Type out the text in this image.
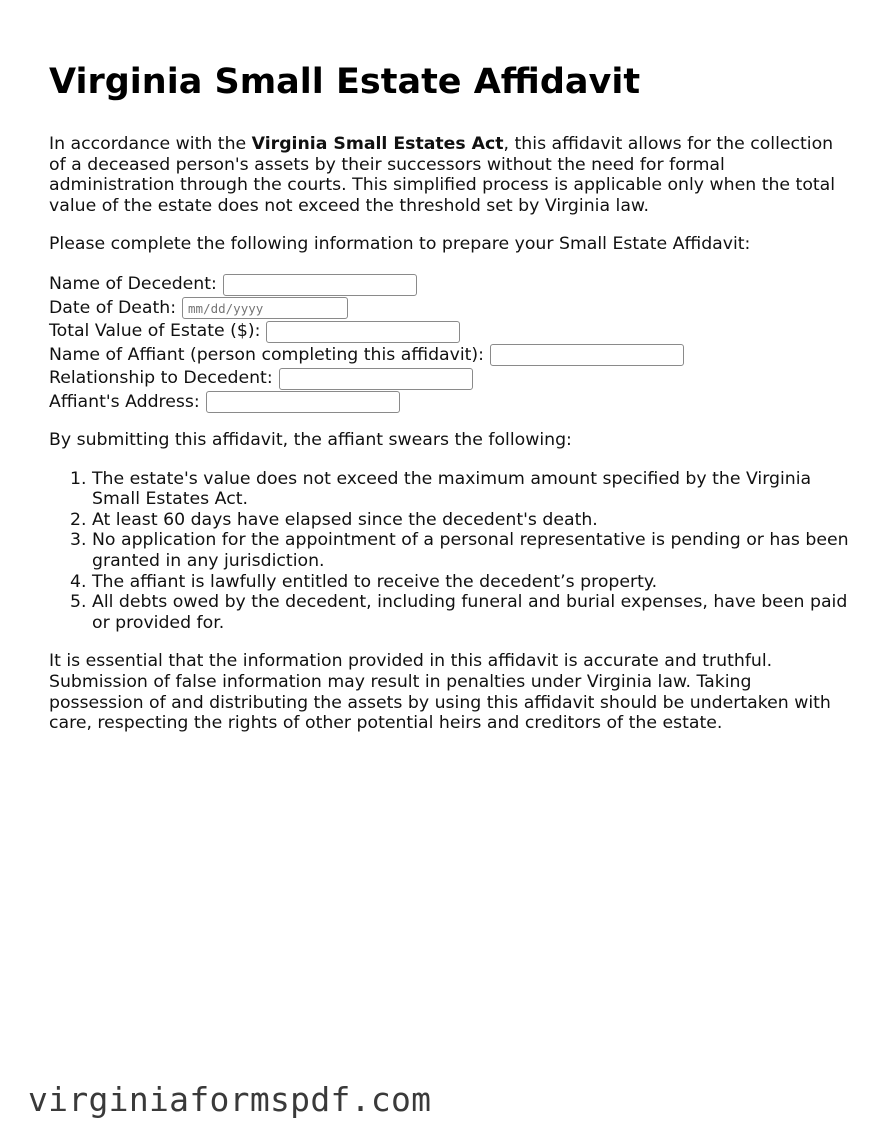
Virginia Small Estate Affidavit

In accordance with the Virginia Small Estates Act, this affidavit allows for the collection of a deceased person's assets by their successors without the need for formal administration through the courts. This simplified process is applicable only when the total value of the estate does not exceed the threshold set by Virginia law.

Please complete the following information to prepare your Small Estate Affidavit:

Name of Decedent:
Date of Death:
mm/dd/yyyy
Total Value of Estate ($):
Name of Affiant (person completing this affidavit):
Relationship to Decedent:
Affiant's Address:

By submitting this affidavit, the affiant swears the following:

1. The estate's value does not exceed the maximum amount specified by the Virginia Small Estates Act.
2. At least 60 days have elapsed since the decedent's death.
3. No application for the appointment of a personal representative is pending or has been granted in any jurisdiction.
4. The affiant is lawfully entitled to receive the decedent’s property.
5. All debts owed by the decedent, including funeral and burial expenses, have been paid or provided for.

It is essential that the information provided in this affidavit is accurate and truthful. Submission of false information may result in penalties under Virginia law. Taking possession of and distributing the assets by using this affidavit should be undertaken with care, respecting the rights of other potential heirs and creditors of the estate.

virginiaformspdf.com
